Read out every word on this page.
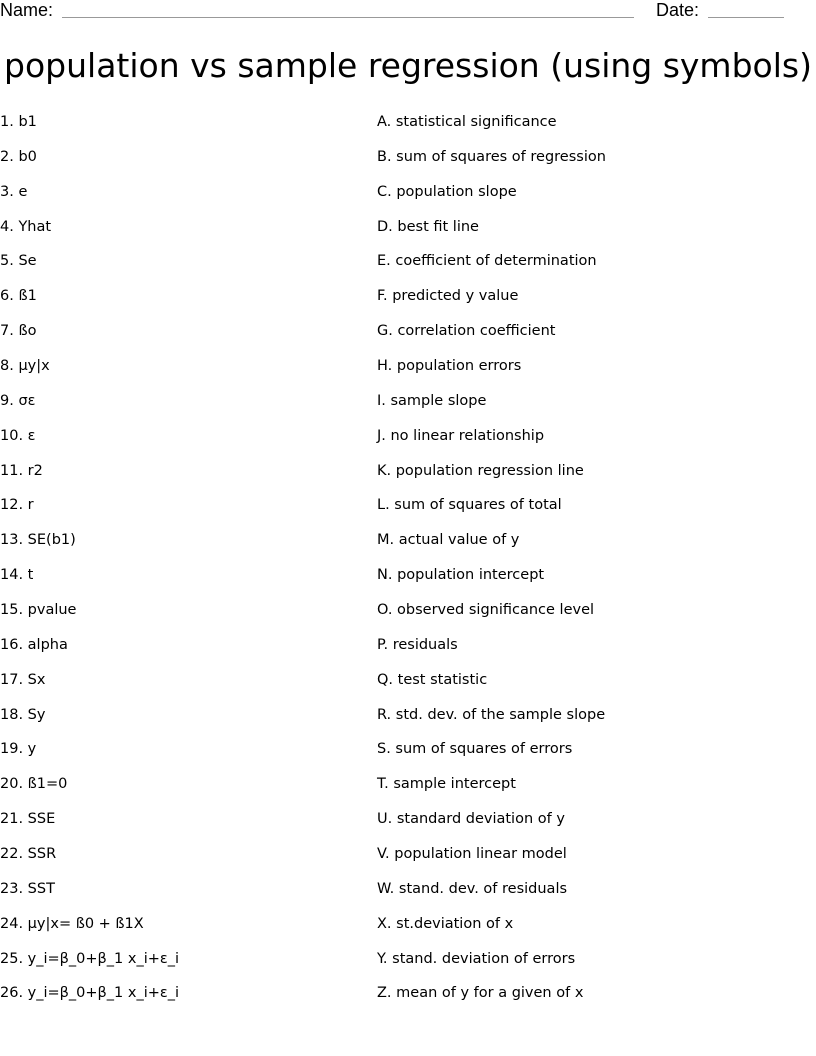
Name:	Date:
population vs sample regression (using symbols)
1. b1
2. b0
3. e
4. Yhat
5. Se
6. ß1
7. ßo
8. µy|x
9. σε
10. ε
11. r2
12. r
13. SE(b1)
14. t
15. pvalue
16. alpha
17. Sx
18. Sy
19. y
20. ß1=0
21. SSE
22. SSR
23. SST
24. µy|x= ß0 + ß1X
25. y_i=β_0+β_1 x_i+ε_i
26. y_i=β_0+β_1 x_i+ε_i
A. statistical significance
B. sum of squares of regression
C. population slope
D. best fit line
E. coefficient of determination
F. predicted y value
G. correlation coefficient
H. population errors
I. sample slope
J. no linear relationship
K. population regression line
L. sum of squares of total
M. actual value of y
N. population intercept
O. observed significance level
P. residuals
Q. test statistic
R. std. dev. of the sample slope
S. sum of squares of errors
T. sample intercept
U. standard deviation of y
V. population linear model
W. stand. dev. of residuals
X. st.deviation of x
Y. stand. deviation of errors
Z. mean of y for a given of x
